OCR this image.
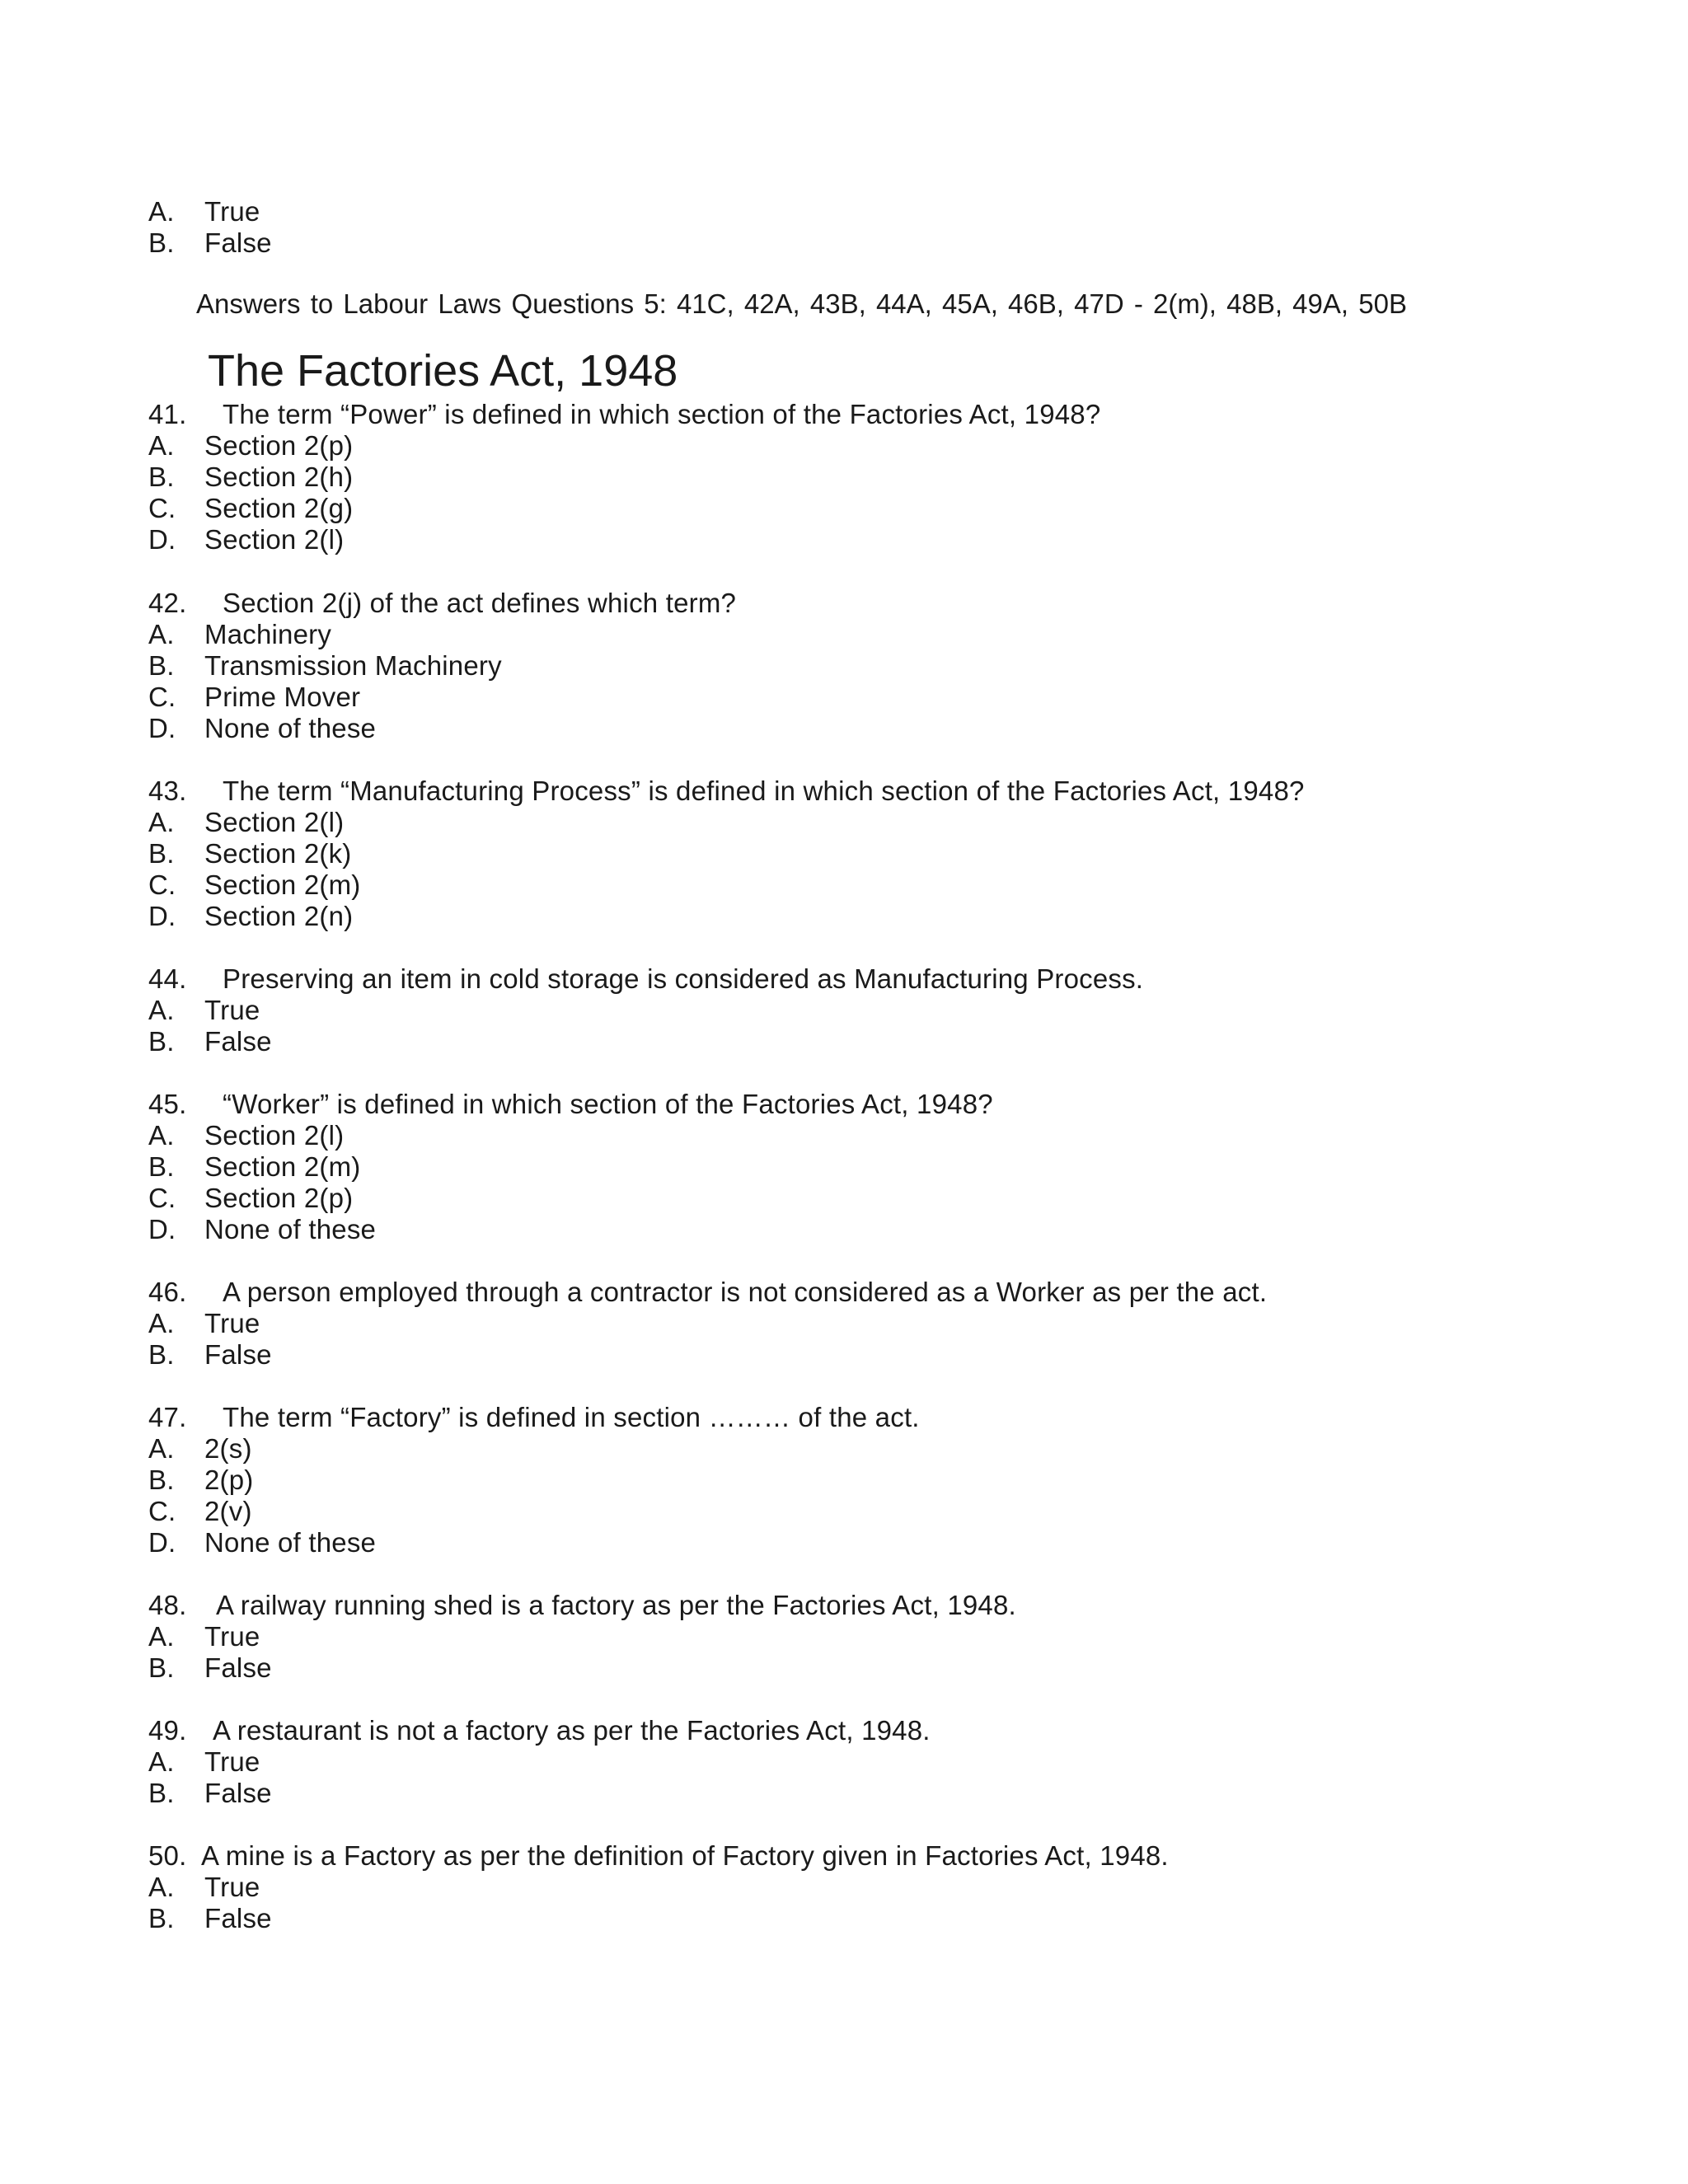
A. True
B. False
Answers to Labour Laws Questions 5: 41C, 42A, 43B, 44A, 45A, 46B, 47D - 2(m), 48B, 49A, 50B
The Factories Act, 1948
41. The term “Power” is defined in which section of the Factories Act, 1948?
A. Section 2(p)
B. Section 2(h)
C. Section 2(g)
D. Section 2(l)
42. Section 2(j) of the act defines which term?
A. Machinery
B. Transmission Machinery
C. Prime Mover
D. None of these
43. The term “Manufacturing Process” is defined in which section of the Factories Act, 1948?
A. Section 2(l)
B. Section 2(k)
C. Section 2(m)
D. Section 2(n)
44. Preserving an item in cold storage is considered as Manufacturing Process.
A. True
B. False
45. “Worker” is defined in which section of the Factories Act, 1948?
A. Section 2(l)
B. Section 2(m)
C. Section 2(p)
D. None of these
46. A person employed through a contractor is not considered as a Worker as per the act.
A. True
B. False
47. The term “Factory” is defined in section ……… of the act.
A. 2(s)
B. 2(p)
C. 2(v)
D. None of these
48. A railway running shed is a factory as per the Factories Act, 1948.
A. True
B. False
49. A restaurant is not a factory as per the Factories Act, 1948.
A. True
B. False
50. A mine is a Factory as per the definition of Factory given in Factories Act, 1948.
A. True
B. False
